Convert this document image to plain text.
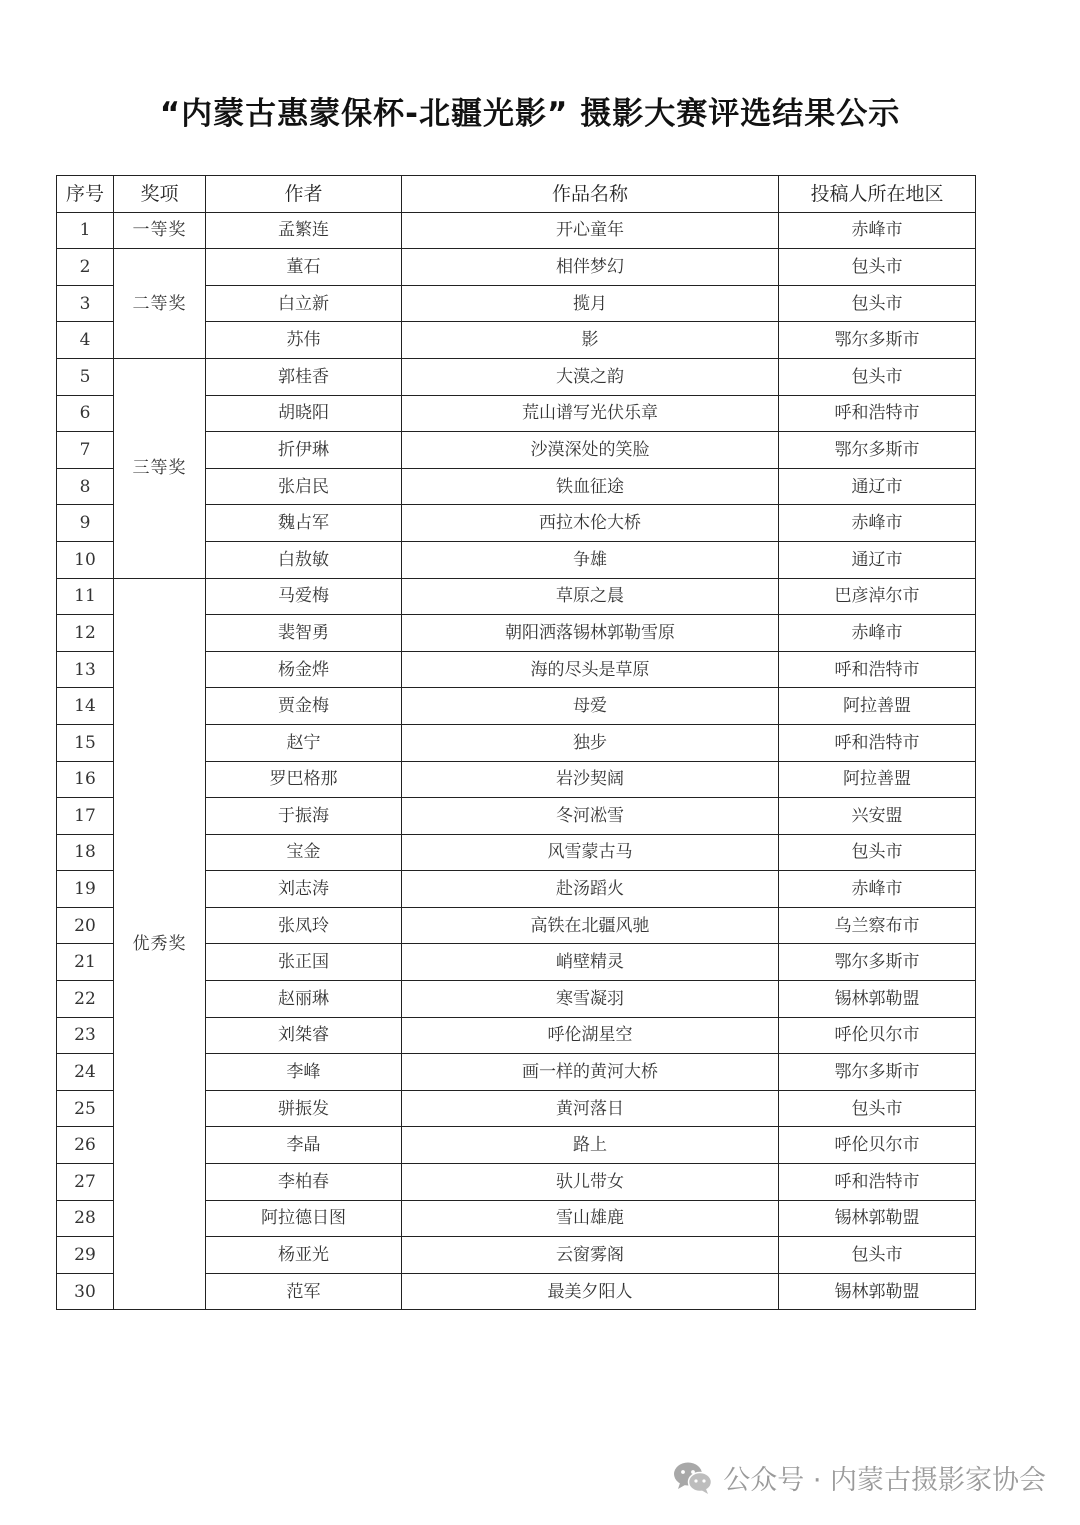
“内蒙古惠蒙保杯-北疆光影” 摄影大赛评选结果公示
序号	奖项	作者	作品名称	投稿人所在地区
1	一等奖	孟繁连	开心童年	赤峰市
2	二等奖	董石	相伴梦幻	包头市
3		白立新	揽月	包头市
4		苏伟	影	鄂尔多斯市
5	三等奖	郭桂香	大漠之韵	包头市
6		胡晓阳	荒山谱写光伏乐章	呼和浩特市
7		折伊琳	沙漠深处的笑脸	鄂尔多斯市
8		张启民	铁血征途	通辽市
9		魏占军	西拉木伦大桥	赤峰市
10		白敖敏	争雄	通辽市
11	优秀奖	马爱梅	草原之晨	巴彦淖尔市
12		裴智勇	朝阳洒落锡林郭勒雪原	赤峰市
13		杨金烨	海的尽头是草原	呼和浩特市
14		贾金梅	母爱	阿拉善盟
15		赵宁	独步	呼和浩特市
16		罗巴格那	岩沙契阔	阿拉善盟
17		于振海	冬河凇雪	兴安盟
18		宝金	风雪蒙古马	包头市
19		刘志涛	赴汤蹈火	赤峰市
20		张凤玲	高铁在北疆风驰	乌兰察布市
21		张正国	峭壁精灵	鄂尔多斯市
22		赵丽琳	寒雪凝羽	锡林郭勒盟
23		刘桀睿	呼伦湖星空	呼伦贝尔市
24		李峰	画一样的黄河大桥	鄂尔多斯市
25		骈振发	黄河落日	包头市
26		李晶	路上	呼伦贝尔市
27		李柏春	驮儿带女	呼和浩特市
28		阿拉德日图	雪山雄鹿	锡林郭勒盟
29		杨亚光	云窗雾阁	包头市
30		范军	最美夕阳人	锡林郭勒盟
公众号 · 内蒙古摄影家协会
